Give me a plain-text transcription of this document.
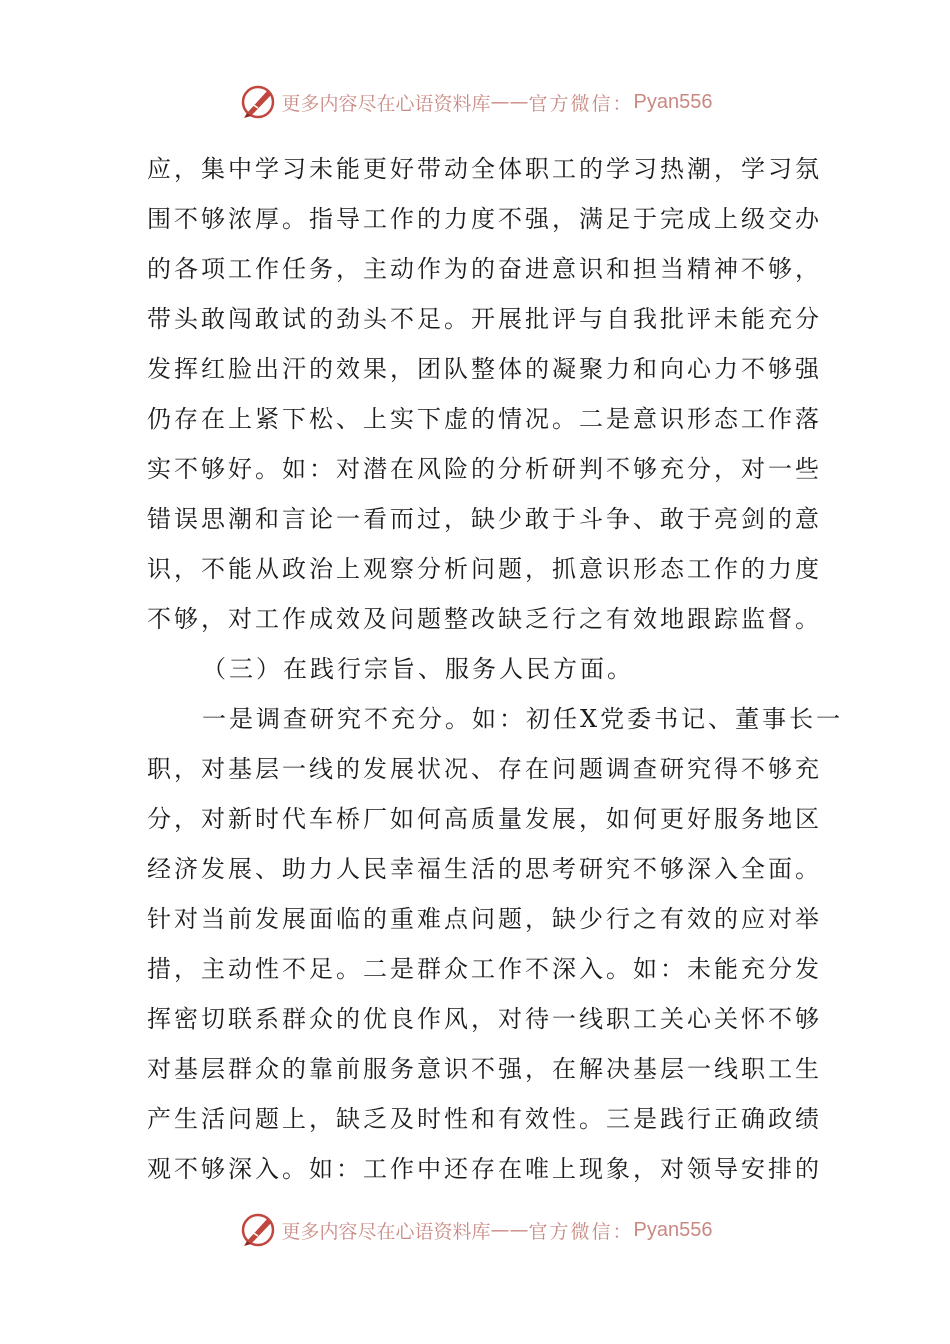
更多内容尽在心语资料库 — — 官方微信： Pyan556

应，集中学习未能更好带动全体职工的学习热潮，学习氛

围不够浓厚。指导工作的力度不强，满足于完成上级交办

的各项工作任务，主动作为的奋进意识和担当精神不够，

带头敢闯敢试的劲头不足。开展批评与自我批评未能充分

发挥红脸出汗的效果，团队整体的凝聚力和向心力不够强

仍存在上紧下松、上实下虚的情况。二是意识形态工作落

实不够好。如：对潜在风险的分析研判不够充分，对一些

错误思潮和言论一看而过，缺少敢于斗争、敢于亮剑的意

识，不能从政治上观察分析问题，抓意识形态工作的力度

不够，对工作成效及问题整改缺乏行之有效地跟踪监督。

（三）在践行宗旨、服务人民方面。

一是调查研究不充分。如：初任X党委书记、董事长一

职，对基层一线的发展状况、存在问题调查研究得不够充

分，对新时代车桥厂如何高质量发展，如何更好服务地区

经济发展、助力人民幸福生活的思考研究不够深入全面。

针对当前发展面临的重难点问题，缺少行之有效的应对举

措，主动性不足。二是群众工作不深入。如：未能充分发

挥密切联系群众的优良作风，对待一线职工关心关怀不够

对基层群众的靠前服务意识不强，在解决基层一线职工生

产生活问题上，缺乏及时性和有效性。三是践行正确政绩

观不够深入。如：工作中还存在唯上现象，对领导安排的

更多内容尽在心语资料库 — — 官方微信： Pyan556
